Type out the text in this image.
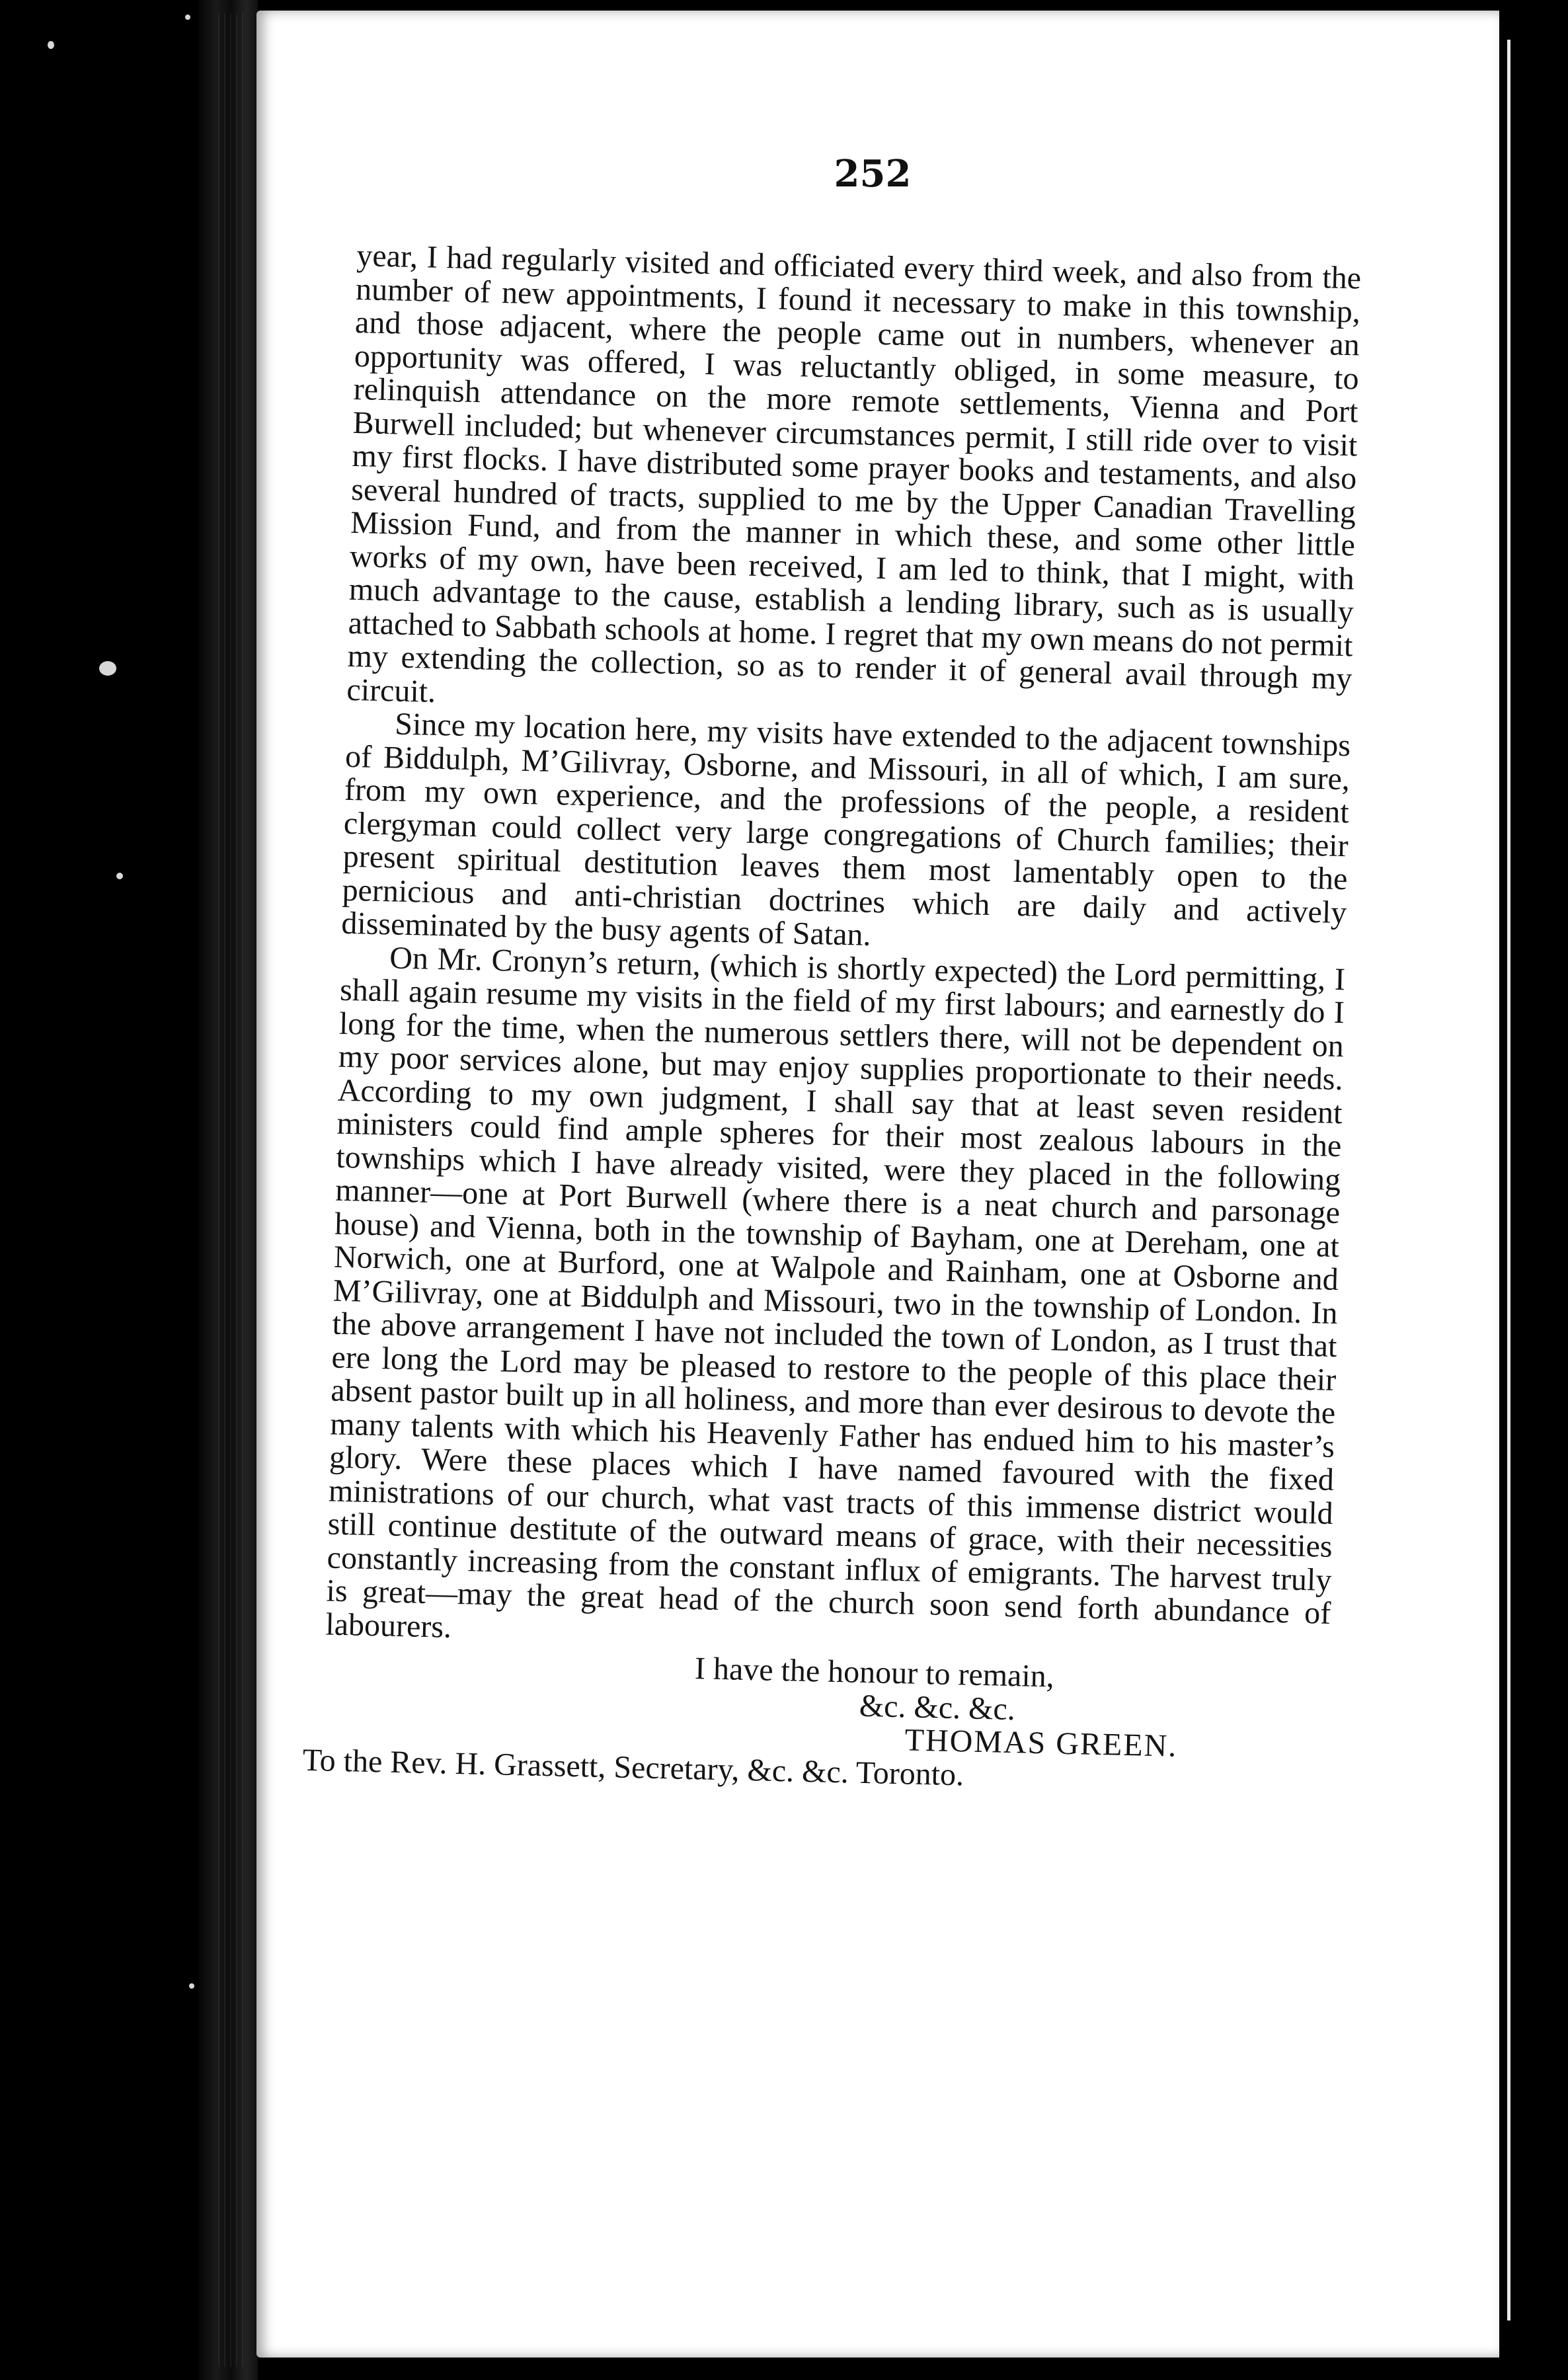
252

year, I had regularly visited and officiated every third week, and also from the number of new appointments, I found it necessary to make in this township, and those adjacent, where the people came out in numbers, whenever an opportunity was offered, I was reluctantly obliged, in some measure, to relinquish attendance on the more remote settlements, Vienna and Port Burwell included; but whenever circumstances permit, I still ride over to visit my first flocks. I have distributed some prayer books and testaments, and also several hundred of tracts, supplied to me by the Upper Canadian Travelling Mission Fund, and from the manner in which these, and some other little works of my own, have been received, I am led to think, that I might, with much advantage to the cause, establish a lending library, such as is usually attached to Sabbath schools at home. I regret that my own means do not permit my extending the collection, so as to render it of general avail through my circuit.

Since my location here, my visits have extended to the adjacent townships of Biddulph, M’Gilivray, Osborne, and Missouri, in all of which, I am sure, from my own experience, and the professions of the people, a resident clergyman could collect very large congregations of Church families; their present spiritual destitution leaves them most lamentably open to the pernicious and anti-christian doctrines which are daily and actively disseminated by the busy agents of Satan.

On Mr. Cronyn’s return, (which is shortly expected) the Lord permitting, I shall again resume my visits in the field of my first labours; and earnestly do I long for the time, when the numerous settlers there, will not be dependent on my poor services alone, but may enjoy supplies proportionate to their needs. According to my own judgment, I shall say that at least seven resident ministers could find ample spheres for their most zealous labours in the townships which I have already visited, were they placed in the following manner—one at Port Burwell (where there is a neat church and parsonage house) and Vienna, both in the township of Bayham, one at Dereham, one at Norwich, one at Burford, one at Walpole and Rainham, one at Osborne and M’Gilivray, one at Biddulph and Missouri, two in the township of London. In the above arrangement I have not included the town of London, as I trust that ere long the Lord may be pleased to restore to the people of this place their absent pastor built up in all holiness, and more than ever desirous to devote the many talents with which his Heavenly Father has endued him to his master’s glory. Were these places which I have named favoured with the fixed ministrations of our church, what vast tracts of this immense district would still continue destitute of the outward means of grace, with their necessities constantly increasing from the constant influx of emigrants. The harvest truly is great—may the great head of the church soon send forth abundance of labourers.

I have the honour to remain,

&c. &c. &c.

THOMAS GREEN.

To the Rev. H. Grassett, Secretary, &c. &c. Toronto.
